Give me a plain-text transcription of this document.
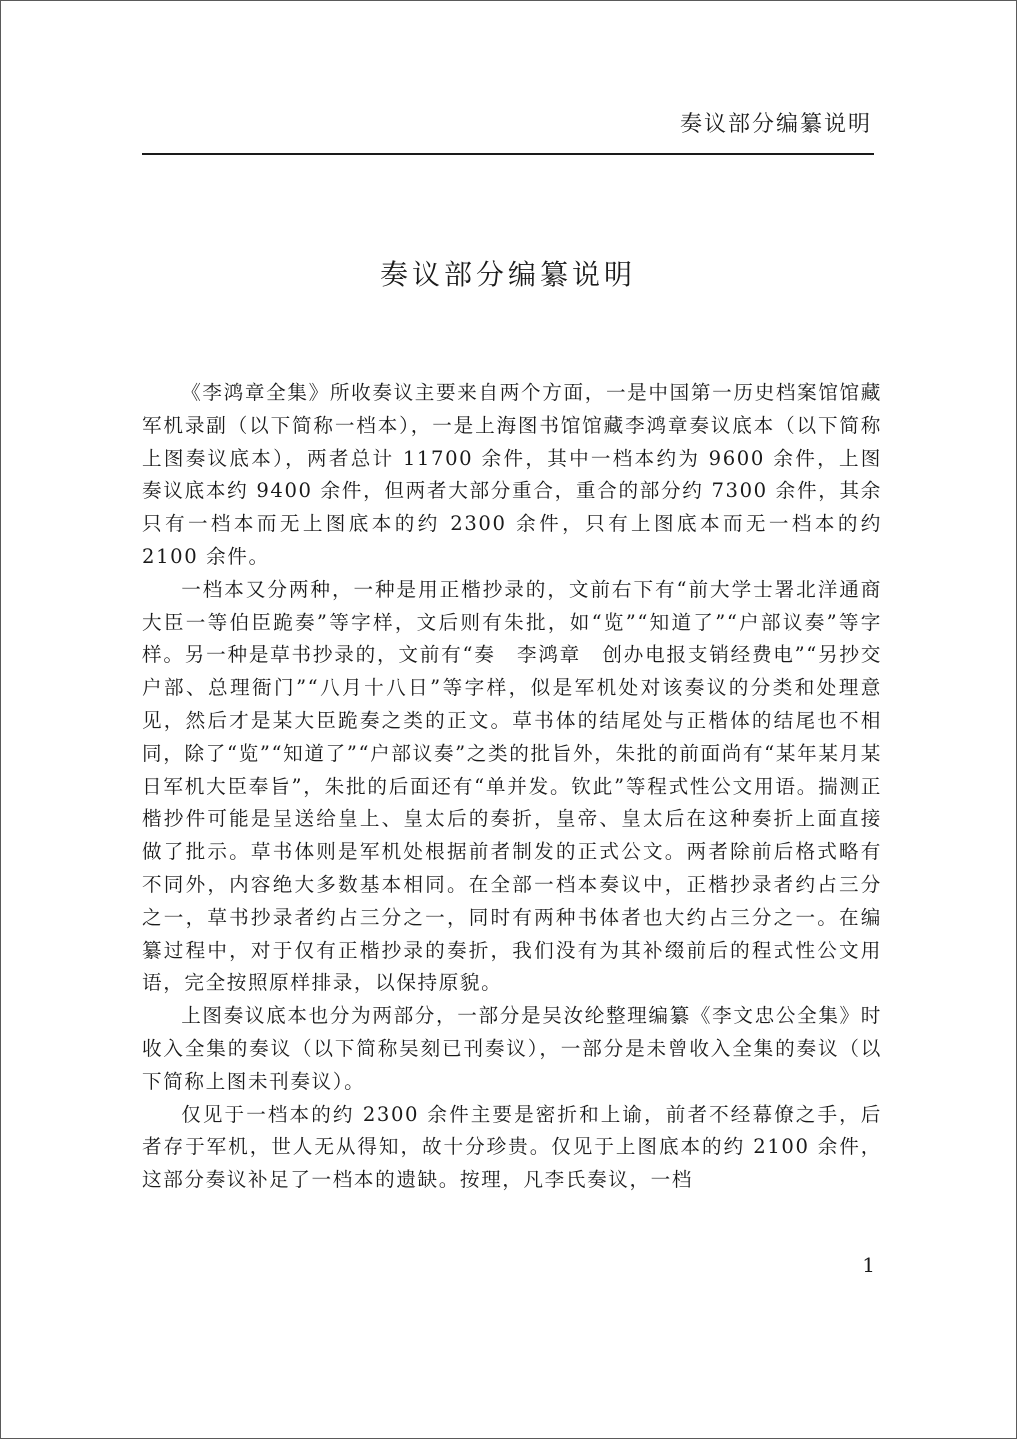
奏议部分编纂说明
奏议部分编纂说明

《李鸿章全集》所收奏议主要来自两个方面，一是中国第一历史档案馆馆藏军机录副（以下简称一档本），一是上海图书馆馆藏李鸿章奏议底本（以下简称上图奏议底本），两者总计 11700 余件，其中一档本约为 9600 余件，上图奏议底本约 9400 余件，但两者大部分重合，重合的部分约 7300 余件，其余只有一档本而无上图底本的约 2300 余件，只有上图底本而无一档本的约 2100 余件。

一档本又分两种，一种是用正楷抄录的，文前右下有“前大学士署北洋通商大臣一等伯臣跪奏”等字样，文后则有朱批，如“览”“知道了”“户部议奏”等字样。另一种是草书抄录的，文前有“奏　李鸿章　创办电报支销经费电”“另抄交户部、总理衙门”“八月十八日”等字样，似是军机处对该奏议的分类和处理意见，然后才是某大臣跪奏之类的正文。草书体的结尾处与正楷体的结尾也不相同，除了“览”“知道了”“户部议奏”之类的批旨外，朱批的前面尚有“某年某月某日军机大臣奉旨”，朱批的后面还有“单并发。钦此”等程式性公文用语。揣测正楷抄件可能是呈送给皇上、皇太后的奏折，皇帝、皇太后在这种奏折上面直接做了批示。草书体则是军机处根据前者制发的正式公文。两者除前后格式略有不同外，内容绝大多数基本相同。在全部一档本奏议中，正楷抄录者约占三分之一，草书抄录者约占三分之一，同时有两种书体者也大约占三分之一。在编纂过程中，对于仅有正楷抄录的奏折，我们没有为其补缀前后的程式性公文用语，完全按照原样排录，以保持原貌。

上图奏议底本也分为两部分，一部分是吴汝纶整理编纂《李文忠公全集》时收入全集的奏议（以下简称吴刻已刊奏议），一部分是未曾收入全集的奏议（以下简称上图未刊奏议）。

仅见于一档本的约 2300 余件主要是密折和上谕，前者不经幕僚之手，后者存于军机，世人无从得知，故十分珍贵。仅见于上图底本的约 2100 余件，这部分奏议补足了一档本的遗缺。按理，凡李氏奏议，一档

1
